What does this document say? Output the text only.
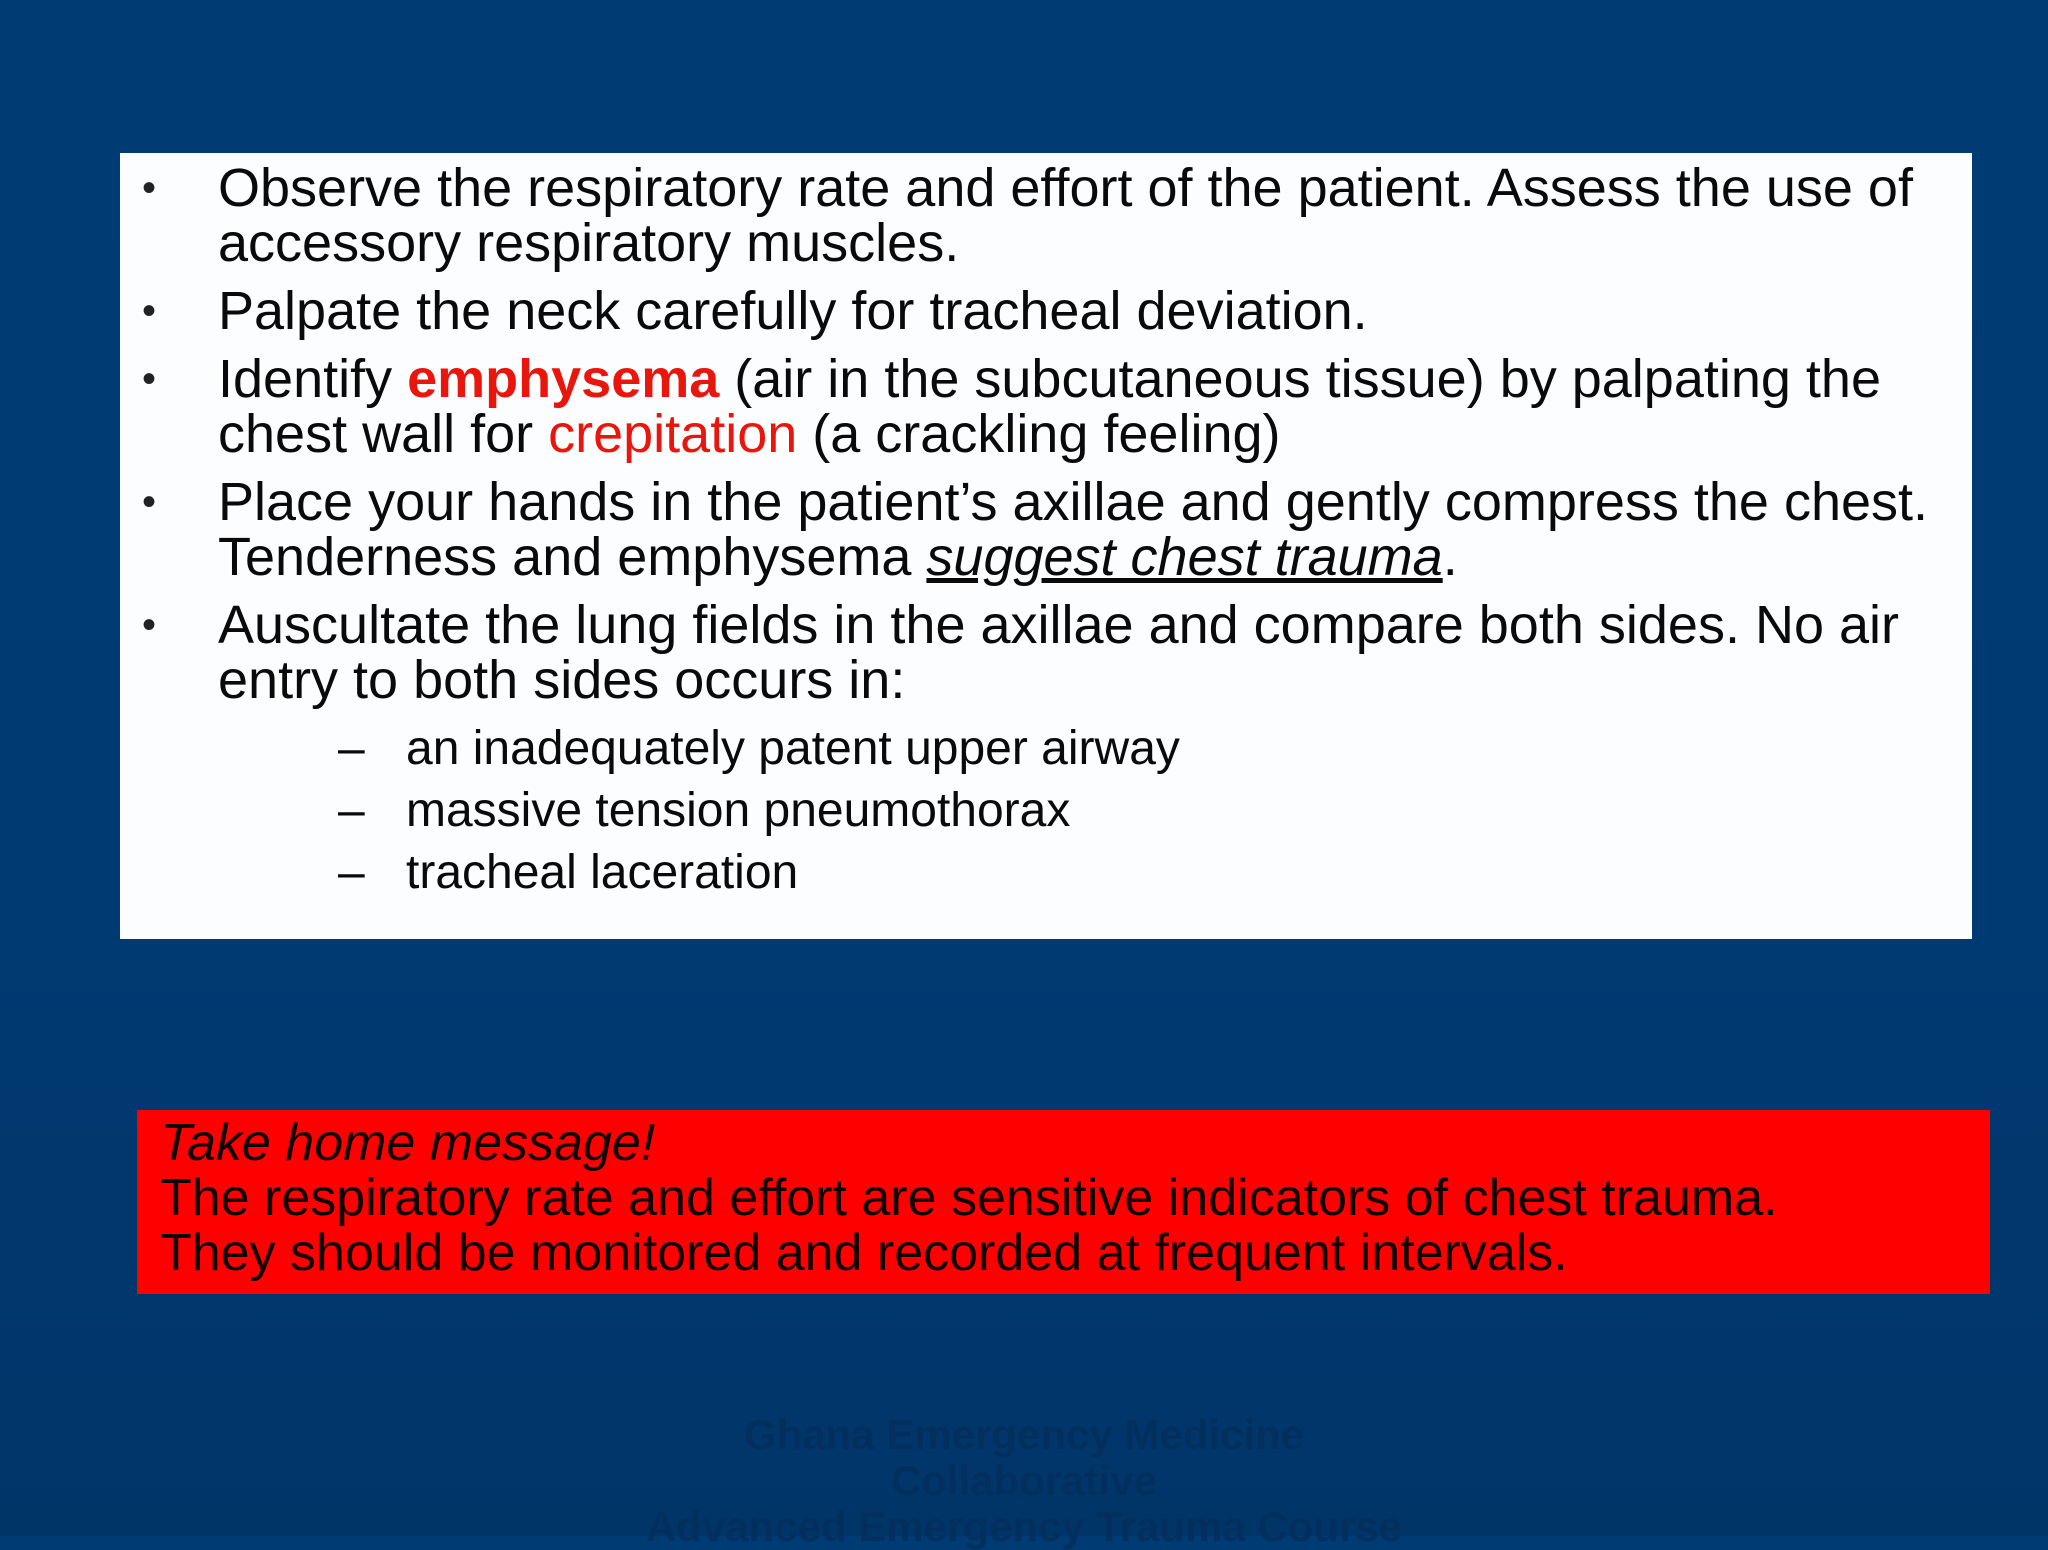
• Observe the respiratory rate and effort of the patient. Assess the use of accessory respiratory muscles.
• Palpate the neck carefully for tracheal deviation.
• Identify emphysema (air in the subcutaneous tissue) by palpating the chest wall for crepitation (a crackling feeling)
• Place your hands in the patient’s axillae and gently compress the chest. Tenderness and emphysema suggest chest trauma.
• Auscultate the lung fields in the axillae and compare both sides. No air entry to both sides occurs in:
– an inadequately patent upper airway
– massive tension pneumothorax
– tracheal laceration
Take home message!
The respiratory rate and effort are sensitive indicators of chest trauma.
They should be monitored and recorded at frequent intervals.
Ghana Emergency Medicine
Collaborative
Advanced Emergency Trauma Course
